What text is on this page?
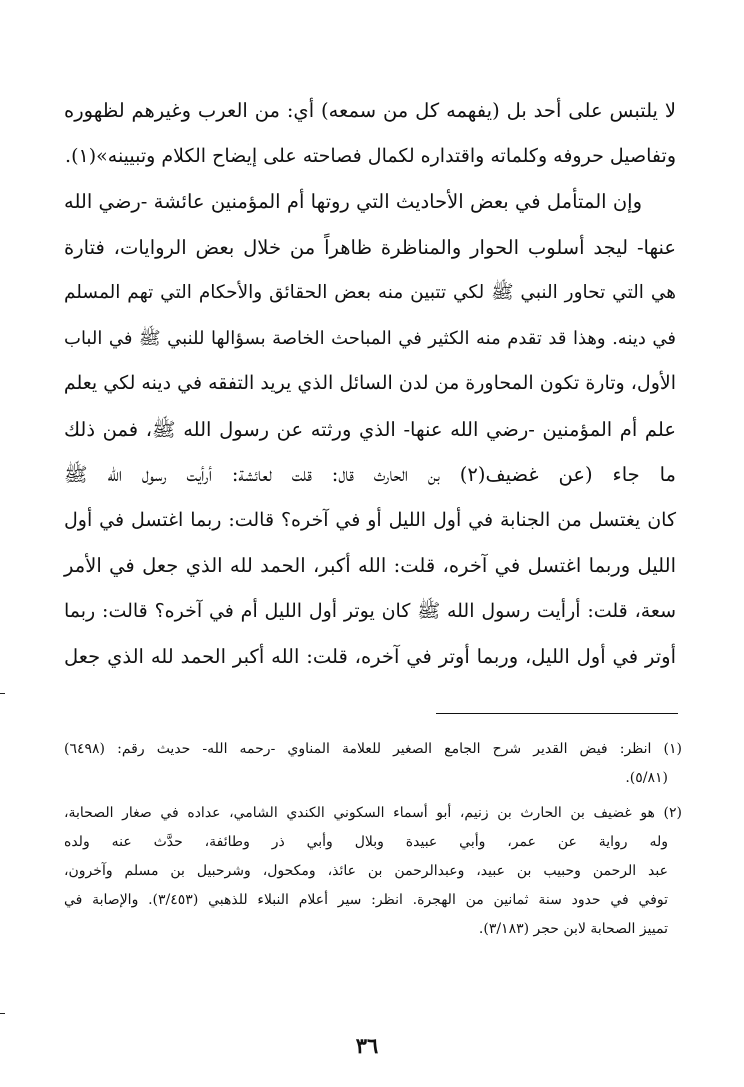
لا يلتبس على أحد بل (يفهمه كل من سمعه) أي: من العرب وغيرهم لظهوره
وتفاصيل حروفه وكلماته واقتداره لكمال فصاحته على إيضاح الكلام وتبيينه»(١).
وإن المتأمل في بعض الأحاديث التي روتها أم المؤمنين عائشة -رضي الله
عنها- ليجد أسلوب الحوار والمناظرة ظاهراً من خلال بعض الروايات، فتارة
هي التي تحاور النبي ﷺ لكي تتبين منه بعض الحقائق والأحكام التي تهم المسلم
في دينه. وهذا قد تقدم منه الكثير في المباحث الخاصة بسؤالها للنبي ﷺ في الباب
الأول، وتارة تكون المحاورة من لدن السائل الذي يريد التفقه في دينه لكي يعلم
علم أم المؤمنين -رضي الله عنها- الذي ورثته عن رسول الله ﷺ، فمن ذلك
ما جاء (عن غضيف(٢) بن الحارث قال: قلت لعائشة: أرأيت رسول الله ﷺ
كان يغتسل من الجنابة في أول الليل أو في آخره؟ قالت: ربما اغتسل في أول
الليل وربما اغتسل في آخره، قلت: الله أكبر، الحمد لله الذي جعل في الأمر
سعة، قلت: أرأيت رسول الله ﷺ كان يوتر أول الليل أم في آخره؟ قالت: ربما
أوتر في أول الليل، وربما أوتر في آخره، قلت: الله أكبر الحمد لله الذي جعل
(١) انظر: فيض القدير شرح الجامع الصغير للعلامة المناوي -رحمه الله- حديث رقم: (٦٤٩٨)
(٥/٨١).
(٢) هو غضيف بن الحارث بن زنيم، أبو أسماء السكوني الكندي الشامي، عداده في صغار الصحابة،
وله رواية عن عمر، وأبي عبيدة وبلال وأبي ذر وطائفة، حدَّث عنه ولده
عبد الرحمن وحبيب بن عبيد، وعبدالرحمن بن عائذ، ومكحول، وشرحبيل بن مسلم وآخرون،
توفي في حدود سنة ثمانين من الهجرة. انظر: سير أعلام النبلاء للذهبي (٣/٤٥٣). والإصابة في
تمييز الصحابة لابن حجر (٣/١٨٣).
٣٦
